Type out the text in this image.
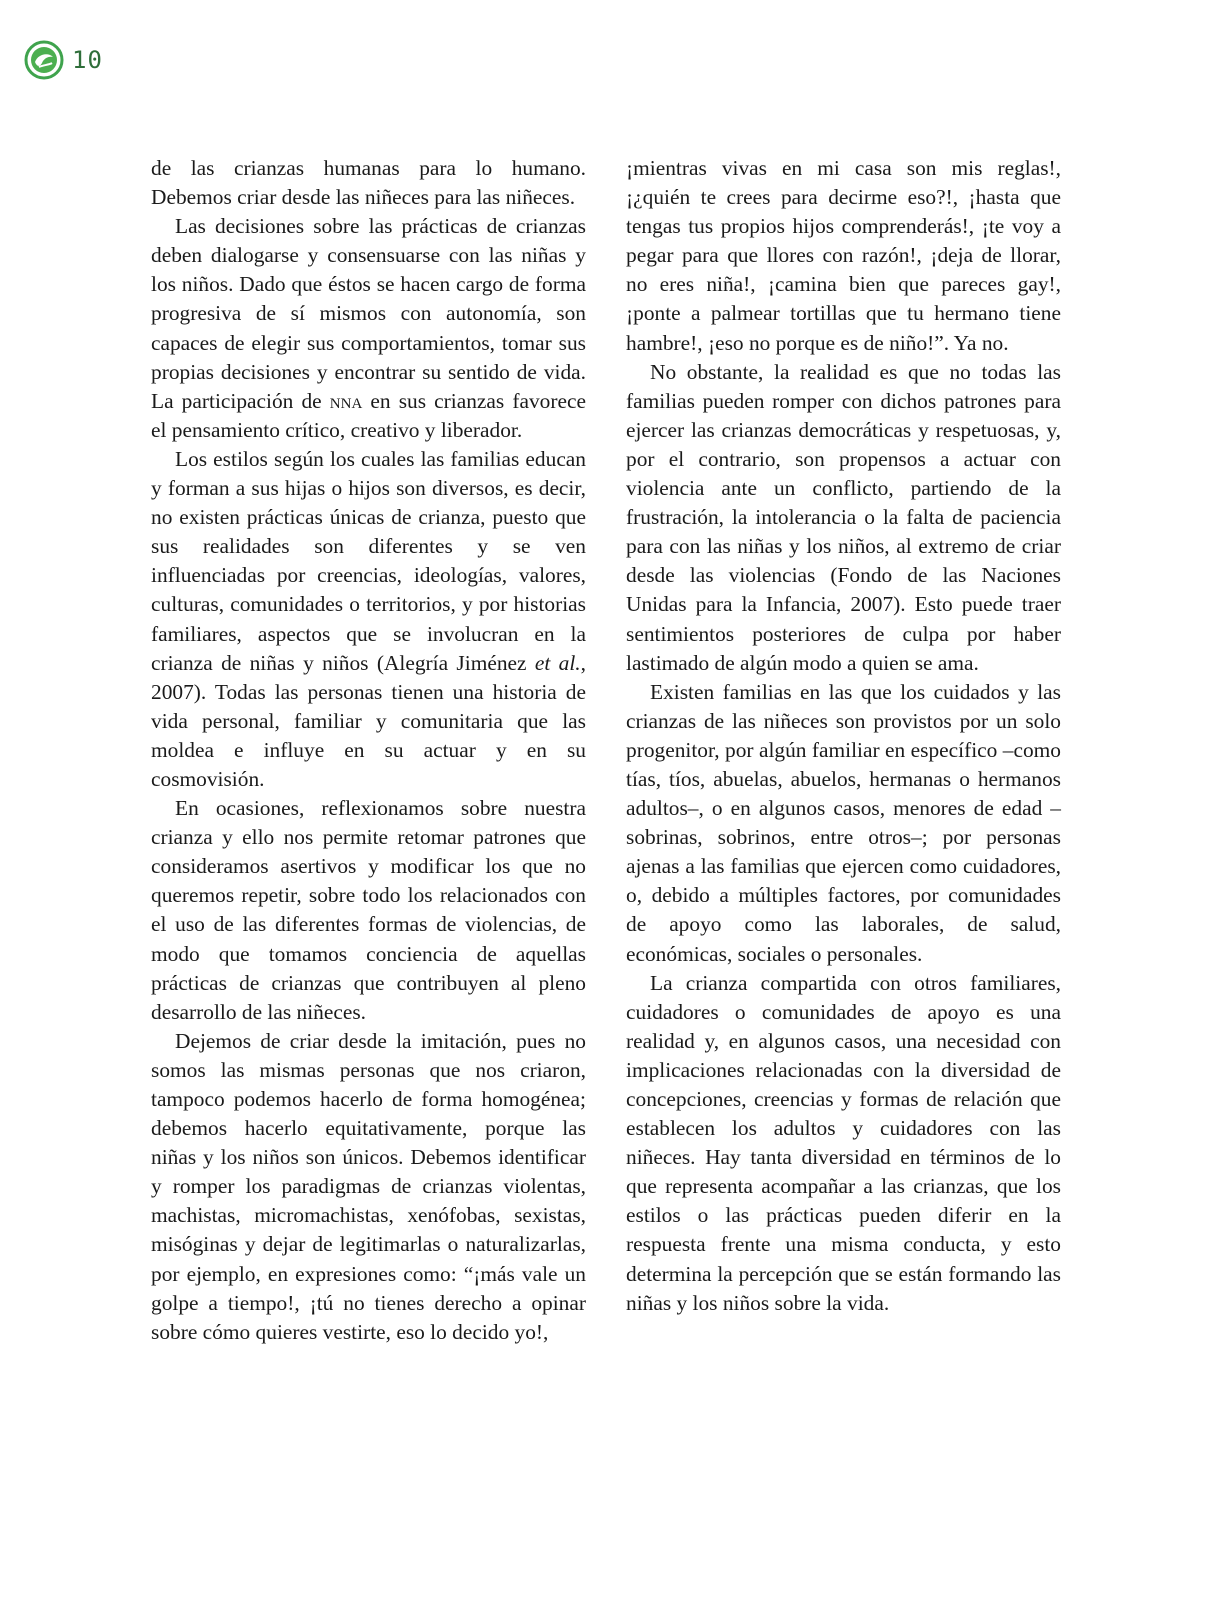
10

de las crianzas humanas para lo humano. Debemos criar desde las niñeces para las niñeces.

Las decisiones sobre las prácticas de crianzas deben dialogarse y consensuarse con las niñas y los niños. Dado que éstos se hacen cargo de forma progresiva de sí mismos con autonomía, son capaces de elegir sus comportamientos, tomar sus propias decisiones y encontrar su sentido de vida. La participación de nna en sus crianzas favorece el pensamiento crítico, creativo y liberador.

Los estilos según los cuales las familias educan y forman a sus hijas o hijos son diversos, es decir, no existen prácticas únicas de crianza, puesto que sus realidades son diferentes y se ven influenciadas por creencias, ideologías, valores, culturas, comunidades o territorios, y por historias familiares, aspectos que se involucran en la crianza de niñas y niños (Alegría Jiménez et al., 2007). Todas las personas tienen una historia de vida personal, familiar y comunitaria que las moldea e influye en su actuar y en su cosmovisión.

En ocasiones, reflexionamos sobre nuestra crianza y ello nos permite retomar patrones que consideramos asertivos y modificar los que no queremos repetir, sobre todo los relacionados con el uso de las diferentes formas de violencias, de modo que tomamos conciencia de aquellas prácticas de crianzas que contribuyen al pleno desarrollo de las niñeces.

Dejemos de criar desde la imitación, pues no somos las mismas personas que nos criaron, tampoco podemos hacerlo de forma homogénea; debemos hacerlo equitativamente, porque las niñas y los niños son únicos. Debemos identificar y romper los paradigmas de crianzas violentas, machistas, micromachistas, xenófobas, sexistas, misóginas y dejar de legitimarlas o naturalizarlas, por ejemplo, en expresiones como: “¡más vale un golpe a tiempo!, ¡tú no tienes derecho a opinar sobre cómo quieres vestirte, eso lo decido yo!,

¡mientras vivas en mi casa son mis reglas!, ¡¿quién te crees para decirme eso?!, ¡hasta que tengas tus propios hijos comprenderás!, ¡te voy a pegar para que llores con razón!, ¡deja de llorar, no eres niña!, ¡camina bien que pareces gay!, ¡ponte a palmear tortillas que tu hermano tiene hambre!, ¡eso no porque es de niño!”. Ya no.

No obstante, la realidad es que no todas las familias pueden romper con dichos patrones para ejercer las crianzas democráticas y respetuosas, y, por el contrario, son propensos a actuar con violencia ante un conflicto, partiendo de la frustración, la intolerancia o la falta de paciencia para con las niñas y los niños, al extremo de criar desde las violencias (Fondo de las Naciones Unidas para la Infancia, 2007). Esto puede traer sentimientos posteriores de culpa por haber lastimado de algún modo a quien se ama.

Existen familias en las que los cuidados y las crianzas de las niñeces son provistos por un solo progenitor, por algún familiar en específico –como tías, tíos, abuelas, abuelos, hermanas o hermanos adultos–, o en algunos casos, menores de edad –sobrinas, sobrinos, entre otros–; por personas ajenas a las familias que ejercen como cuidadores, o, debido a múltiples factores, por comunidades de apoyo como las laborales, de salud, económicas, sociales o personales.

La crianza compartida con otros familiares, cuidadores o comunidades de apoyo es una realidad y, en algunos casos, una necesidad con implicaciones relacionadas con la diversidad de concepciones, creencias y formas de relación que establecen los adultos y cuidadores con las niñeces. Hay tanta diversidad en términos de lo que representa acompañar a las crianzas, que los estilos o las prácticas pueden diferir en la respuesta frente una misma conducta, y esto determina la percepción que se están formando las niñas y los niños sobre la vida.
